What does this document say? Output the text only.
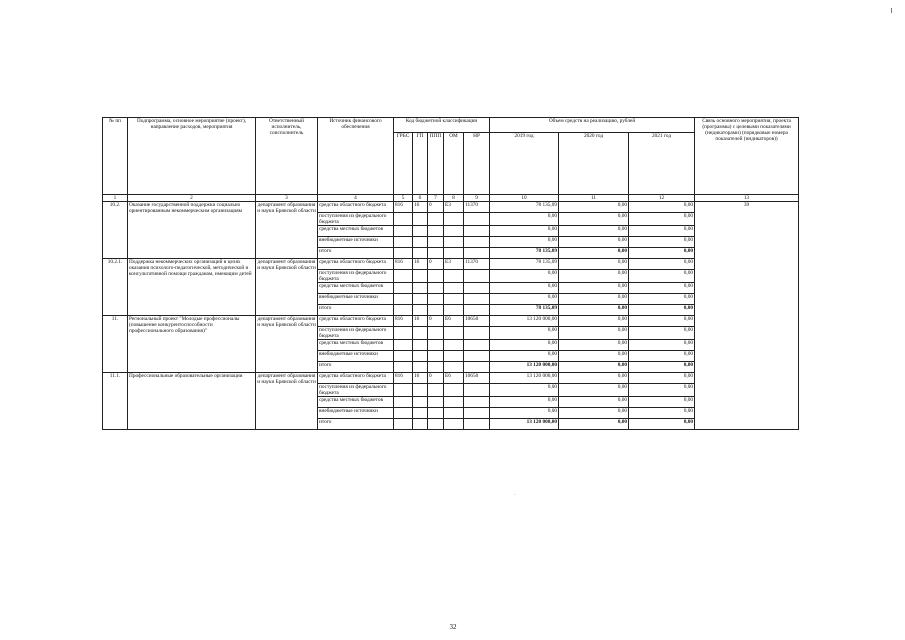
№ пп	Подпрограмма, основное мероприятие (проект), направление расходов, мероприятия	Ответственный исполнитель, соисполнитель	Источник финансового обеспечения	Код бюджетной классификации					Объем средств на реализацию, рублей			Связь основного мероприятия, проекта (программы) с целевыми показателями (индикаторами) (порядковые номера показателей (индикаторов))
				ГРБС	ГП	ППП	ОМ	НР	2019 год	2020 год	2021 год	
1	2	3	4	5	6	7	8	9	10	11	12	13
10.2.	Оказание государственной поддержки социально ориентированным некоммерческим организациям	департамент образования и науки Брянской области	средства областного бюджета	816	16	0	Е3	11370	78 135,09	0,00	0,00	39
			поступления из федерального бюджета						0,00	0,00	0,00	
			средства местных бюджетов						0,00	0,00	0,00	
			внебюджетные источники						0,00	0,00	0,00	
			итого						78 135,09	0,00	0,00	
10.2.1.	Поддержка некоммерческих организаций в целях оказания психолого-педагогической, методической и консультативной помощи гражданам, имеющим детей	департамент образования и науки Брянской области	средства областного бюджета	816	16	0	Е3	11370	78 135,09	0,00	0,00	
			поступления из федерального бюджета						0,00	0,00	0,00	
			средства местных бюджетов						0,00	0,00	0,00	
			внебюджетные источники						0,00	0,00	0,00	
			итого						78 135,09	0,00	0,00	
11.	Региональный проект "Молодые профессионалы (повышение конкурентоспособности профессионального образования)"	департамент образования и науки Брянской области	средства областного бюджета	816	16	0	Е6	10650	13 120 000,00	0,00	0,00	
			поступления из федерального бюджета						0,00	0,00	0,00	
			средства местных бюджетов						0,00	0,00	0,00	
			внебюджетные источники						0,00	0,00	0,00	
			итого						13 120 000,00	0,00	0,00	
11.1.	Профессиональные образовательные организации	департамент образования и науки Брянской области	средства областного бюджета	816	16	0	Е6	10650	13 120 000,00	0,00	0,00	
			поступления из федерального бюджета						0,00	0,00	0,00	
			средства местных бюджетов						0,00	0,00	0,00	
			внебюджетные источники						0,00	0,00	0,00	
			итого						13 120 000,00	0,00	0,00	
·
32
